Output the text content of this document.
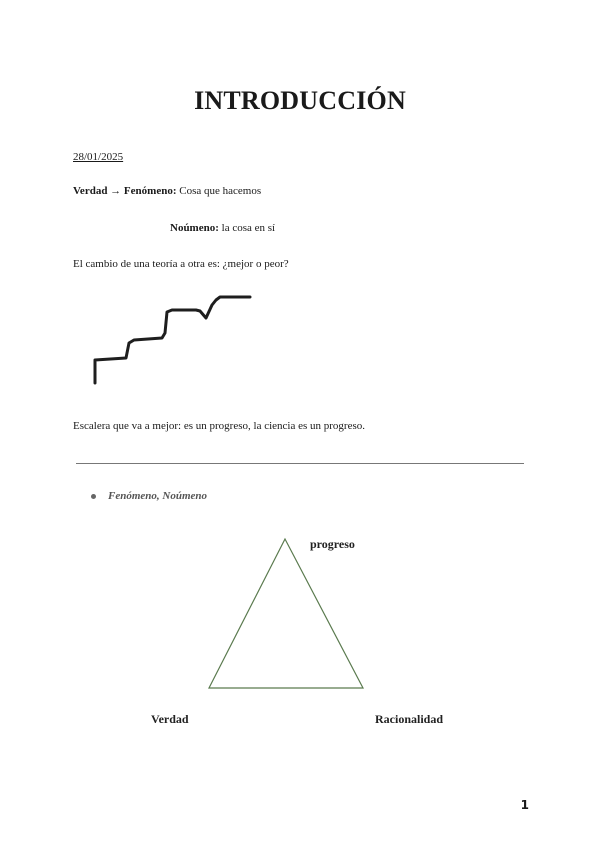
INTRODUCCIÓN
28/01/2025
Verdad → Fenómeno: Cosa que hacemos
Noúmeno: la cosa en sí
El cambio de una teoría a otra es: ¿mejor o peor?
Escalera que va a mejor: es un progreso, la ciencia es un progreso.
Fenómeno, Noúmeno
progreso
Verdad	Racionalidad
1
